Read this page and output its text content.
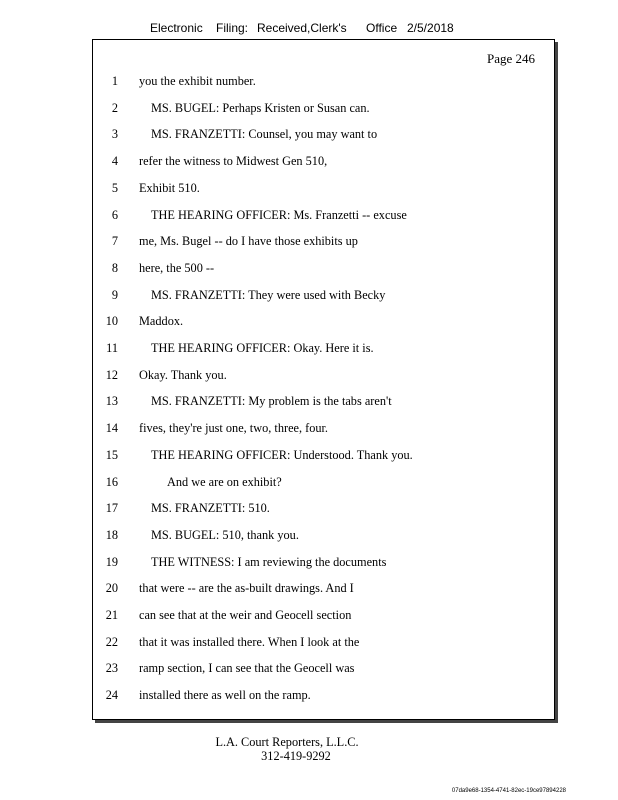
Electronic Filing: Received,Clerk's Office 2/5/2018
Page 246
1 you the exhibit number.
2	MS. BUGEL: Perhaps Kristen or Susan can.
3	MS. FRANZETTI: Counsel, you may want to
4 refer the witness to Midwest Gen 510,
5 Exhibit 510.
6	THE HEARING OFFICER: Ms. Franzetti -- excuse
7 me, Ms. Bugel -- do I have those exhibits up
8 here, the 500 --
9	MS. FRANZETTI: They were used with Becky
10 Maddox.
11	THE HEARING OFFICER: Okay. Here it is.
12 Okay. Thank you.
13	MS. FRANZETTI: My problem is the tabs aren't
14 fives, they're just one, two, three, four.
15	THE HEARING OFFICER: Understood. Thank you.
16	And we are on exhibit?
17	MS. FRANZETTI: 510.
18	MS. BUGEL: 510, thank you.
19	THE WITNESS: I am reviewing the documents
20 that were -- are the as-built drawings. And I
21 can see that at the weir and Geocell section
22 that it was installed there. When I look at the
23 ramp section, I can see that the Geocell was
24 installed there as well on the ramp.
L.A. Court Reporters, L.L.C.
312-419-9292
07da9e68-1354-4741-82ec-19ce97894228
